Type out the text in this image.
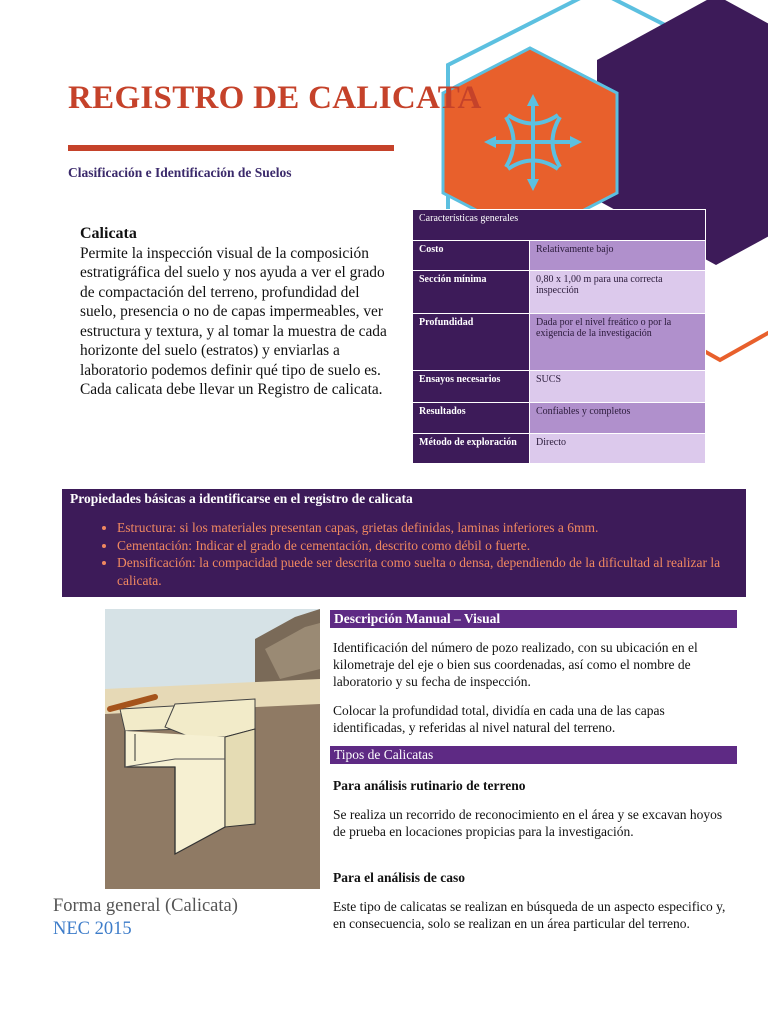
REGISTRO DE CALICATA
Clasificación e Identificación de Suelos
Calicata
Permite la inspección visual de la composición estratigráfica del suelo y nos ayuda a ver el grado de compactación del terreno, profundidad del suelo, presencia o no de capas impermeables, ver estructura y textura, y al tomar la muestra de cada horizonte del suelo (estratos) y enviarlas a laboratorio podemos definir qué tipo de suelo es.
Cada calicata debe llevar un Registro de calicata.
Características generales	
Costo	Relativamente bajo
Sección mínima	0,80 x 1,00 m para una correcta inspección
Profundidad	Dada por el nivel freático o por la exigencia de la investigación
Ensayos necesarios	SUCS
Resultados	Confiables y completos
Método de exploración	Directo
Propiedades básicas a identificarse en el registro de calicata
• Estructura: si los materiales presentan capas, grietas definidas, laminas inferiores a 6mm.
• Cementación: Indicar el grado de cementación, descrito como débil o fuerte.
• Densificación: la compacidad puede ser descrita como suelta o densa, dependiendo de la dificultad al realizar la calicata.
Forma general (Calicata)
NEC 2015
Descripción Manual – Visual
Identificación del número de pozo realizado, con su ubicación en el kilometraje del eje o bien sus coordenadas, así como el nombre de laboratorio y su fecha de inspección.
Colocar la profundidad total, dividía en cada una de las capas identificadas, y referidas al nivel natural del terreno.
Tipos de Calicatas
Para análisis rutinario de terreno
Se realiza un recorrido de reconocimiento en el área y se excavan hoyos de prueba en locaciones propicias para la investigación.
Para el análisis de caso
Este tipo de calicatas se realizan en búsqueda de un aspecto especifico y, en consecuencia, solo se realizan en un área particular del terreno.
